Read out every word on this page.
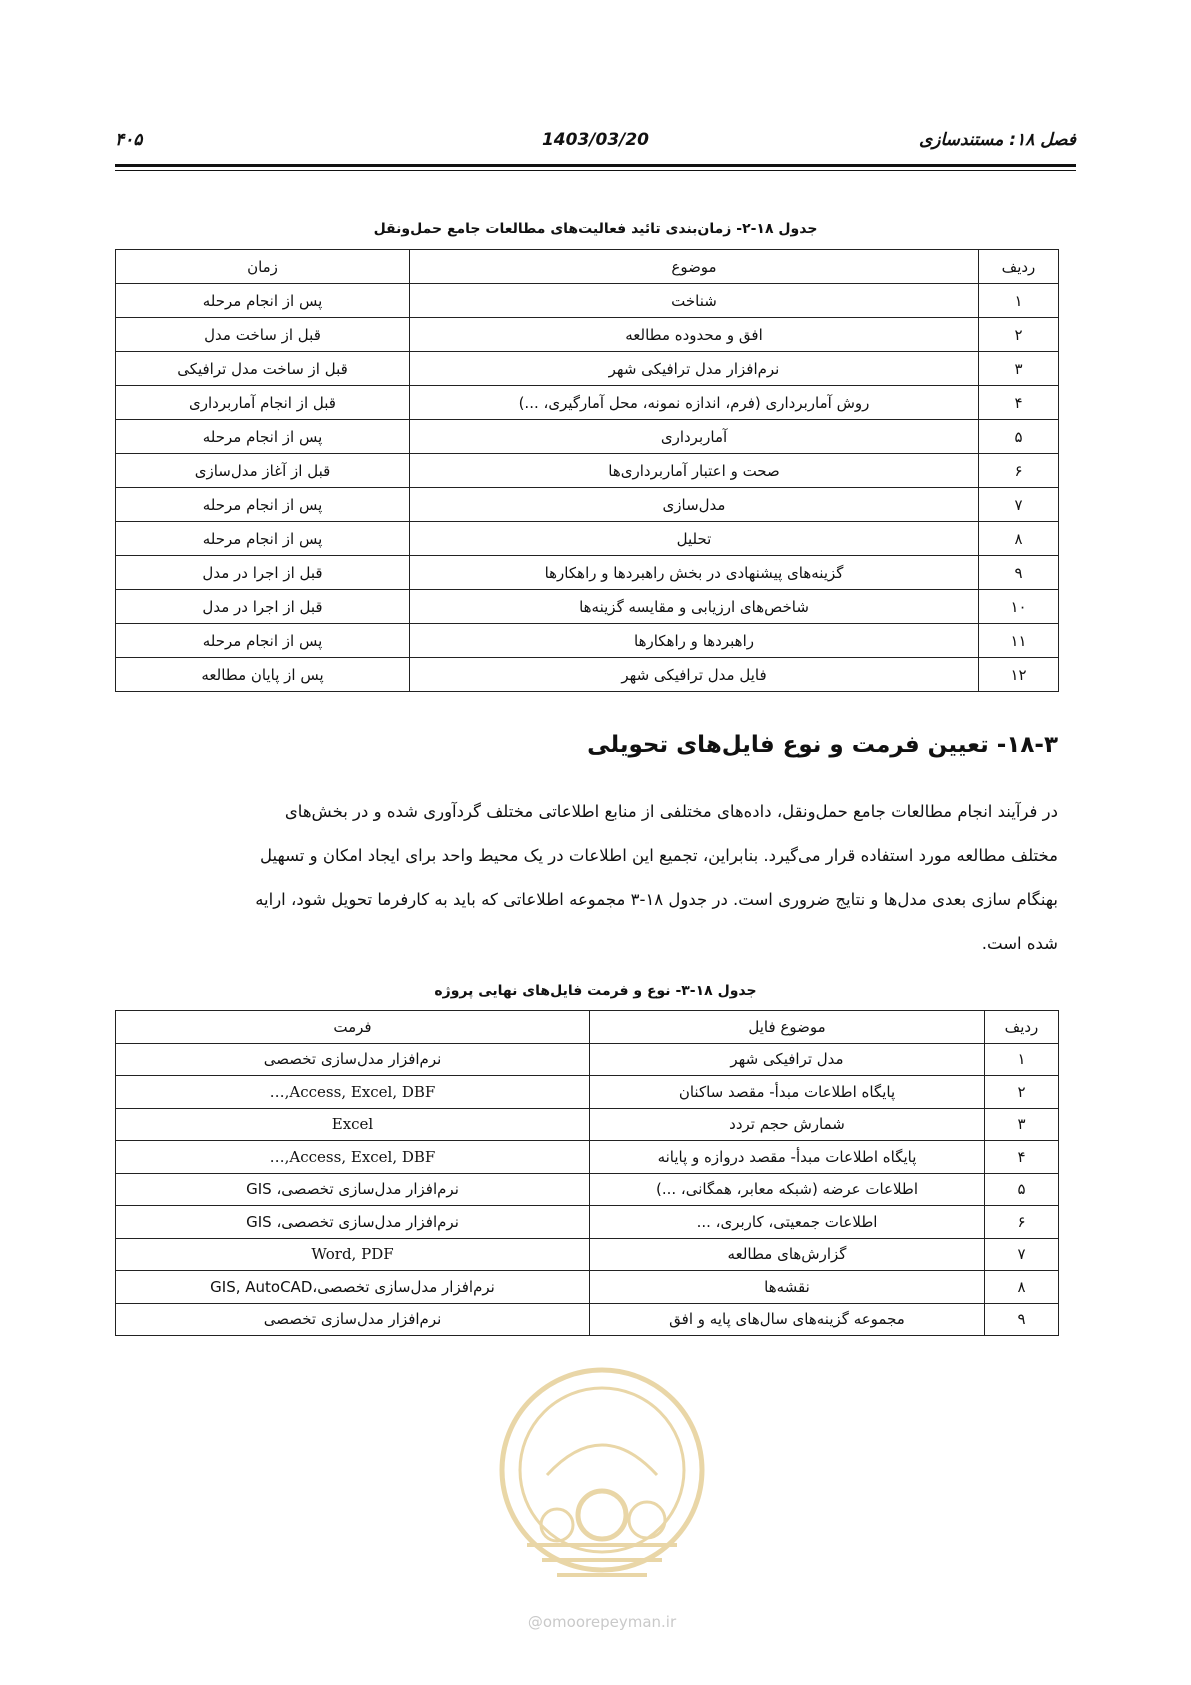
فصل ۱۸: مستندسازی
1403/03/20
۴۰۵
جدول ۱۸-۲- زمان‌بندی تائید فعالیت‌های مطالعات جامع حمل‌ونقل
ردیف	موضوع	زمان
۱	شناخت	پس از انجام مرحله
۲	افق و محدوده مطالعه	قبل از ساخت مدل
۳	نرم‌افزار مدل ترافیکی شهر	قبل از ساخت مدل ترافیکی
۴	روش آماربرداری (فرم، اندازه نمونه، محل آمارگیری، ...)	قبل از انجام آماربرداری
۵	آماربرداری	پس از انجام مرحله
۶	صحت و اعتبار آماربرداری‌ها	قبل از آغاز مدل‌سازی
۷	مدل‌سازی	پس از انجام مرحله
۸	تحلیل	پس از انجام مرحله
۹	گزینه‌های پیشنهادی در بخش راهبردها و راهکارها	قبل از اجرا در مدل
۱۰	شاخص‌های ارزیابی و مقایسه گزینه‌ها	قبل از اجرا در مدل
۱۱	راهبردها و راهکارها	پس از انجام مرحله
۱۲	فایل مدل ترافیکی شهر	پس از پایان مطالعه
۱۸-۳- تعیین فرمت و نوع فایل‌های تحویلی
در فرآیند انجام مطالعات جامع حمل‌ونقل، داده‌های مختلفی از منابع اطلاعاتی مختلف گردآوری شده و در بخش‌های
مختلف مطالعه مورد استفاده قرار می‌گیرد. بنابراین، تجمیع این اطلاعات در یک محیط واحد برای ایجاد امکان و تسهیل
بهنگام سازی بعدی مدل‌ها و نتایج ضروری است. در جدول ۱۸-۳ مجموعه اطلاعاتی که باید به کارفرما تحویل شود، ارایه
شده است.
جدول ۱۸-۳- نوع و فرمت فایل‌های نهایی پروژه
ردیف	موضوع فایل	فرمت
۱	مدل ترافیکی شهر	نرم‌افزار مدل‌سازی تخصصی
۲	پایگاه اطلاعات مبدأ- مقصد ساکنان	Access, Excel, DBF,…
۳	شمارش حجم تردد	Excel
۴	پایگاه اطلاعات مبدأ- مقصد دروازه و پایانه	Access, Excel, DBF,…
۵	اطلاعات عرضه (شبکه معابر، همگانی، ...)	نرم‌افزار مدل‌سازی تخصصی، GIS
۶	اطلاعات جمعیتی، کاربری، ...	نرم‌افزار مدل‌سازی تخصصی، GIS
۷	گزارش‌های مطالعه	Word, PDF
۸	نقشه‌ها	نرم‌افزار مدل‌سازی تخصصی،GIS, AutoCAD
۹	مجموعه گزینه‌های سال‌های پایه و افق	نرم‌افزار مدل‌سازی تخصصی
@omoorepeyman.ir
